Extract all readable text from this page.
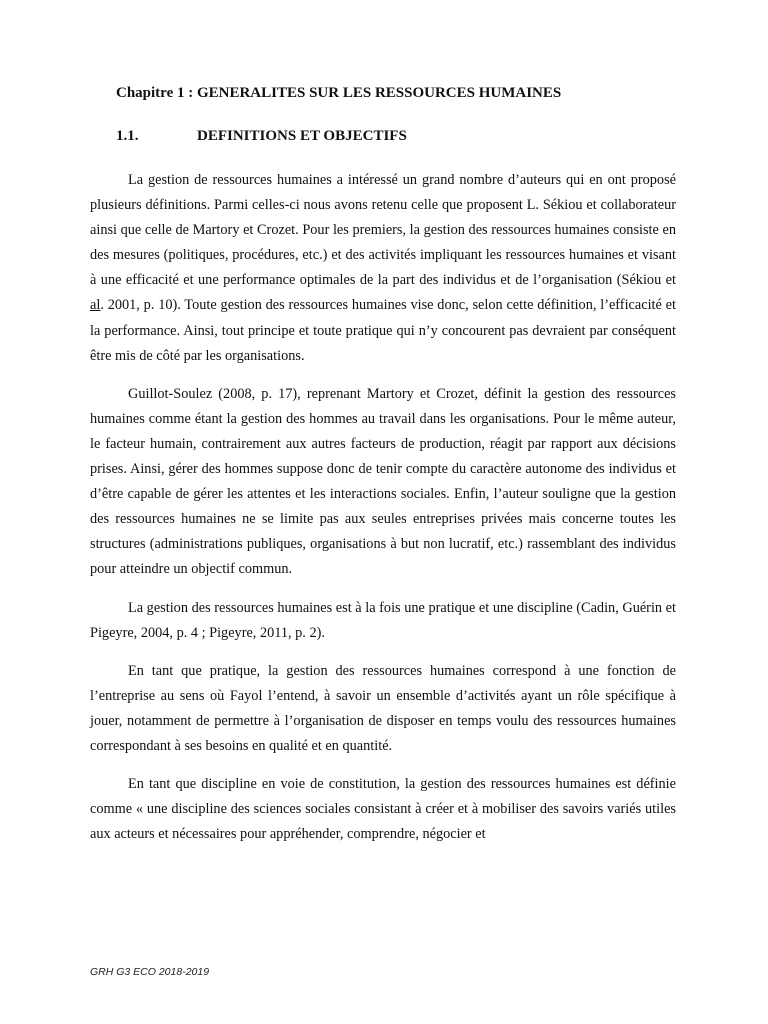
Chapitre 1 : GENERALITES SUR LES RESSOURCES HUMAINES
1.1.	DEFINITIONS ET OBJECTIFS

La gestion de ressources humaines a intéressé un grand nombre d’auteurs qui en ont proposé plusieurs définitions. Parmi celles-ci nous avons retenu celle que proposent L. Sékiou et collaborateur ainsi que celle de Martory et Crozet. Pour les premiers, la gestion des ressources humaines consiste en des mesures (politiques, procédures, etc.) et des activités impliquant les ressources humaines et visant à une efficacité et une performance optimales de la part des individus et de l’organisation (Sékiou et al. 2001, p. 10). Toute gestion des ressources humaines vise donc, selon cette définition, l’efficacité et la performance. Ainsi, tout principe et toute pratique qui n’y concourent pas devraient par conséquent être mis de côté par les organisations.

Guillot-Soulez (2008, p. 17), reprenant Martory et Crozet, définit la gestion des ressources humaines comme étant la gestion des hommes au travail dans les organisations. Pour le même auteur, le facteur humain, contrairement aux autres facteurs de production, réagit par rapport aux décisions prises. Ainsi, gérer des hommes suppose donc de tenir compte du caractère autonome des individus et d’être capable de gérer les attentes et les interactions sociales. Enfin, l’auteur souligne que la gestion des ressources humaines ne se limite pas aux seules entreprises privées mais concerne toutes les structures (administrations publiques, organisations à but non lucratif, etc.) rassemblant des individus pour atteindre un objectif commun.

La gestion des ressources humaines est à la fois une pratique et une discipline (Cadin, Guérin et Pigeyre, 2004, p. 4 ; Pigeyre, 2011, p. 2).

En tant que pratique, la gestion des ressources humaines correspond à une fonction de l’entreprise au sens où Fayol l’entend, à savoir un ensemble d’activités ayant un rôle spécifique à jouer, notamment de permettre à l’organisation de disposer en temps voulu des ressources humaines correspondant à ses besoins en qualité et en quantité.

En tant que discipline en voie de constitution, la gestion des ressources humaines est définie comme « une discipline des sciences sociales consistant à créer et à mobiliser des savoirs variés utiles aux acteurs et nécessaires pour appréhender, comprendre, négocier et

GRH G3 ECO 2018-2019
